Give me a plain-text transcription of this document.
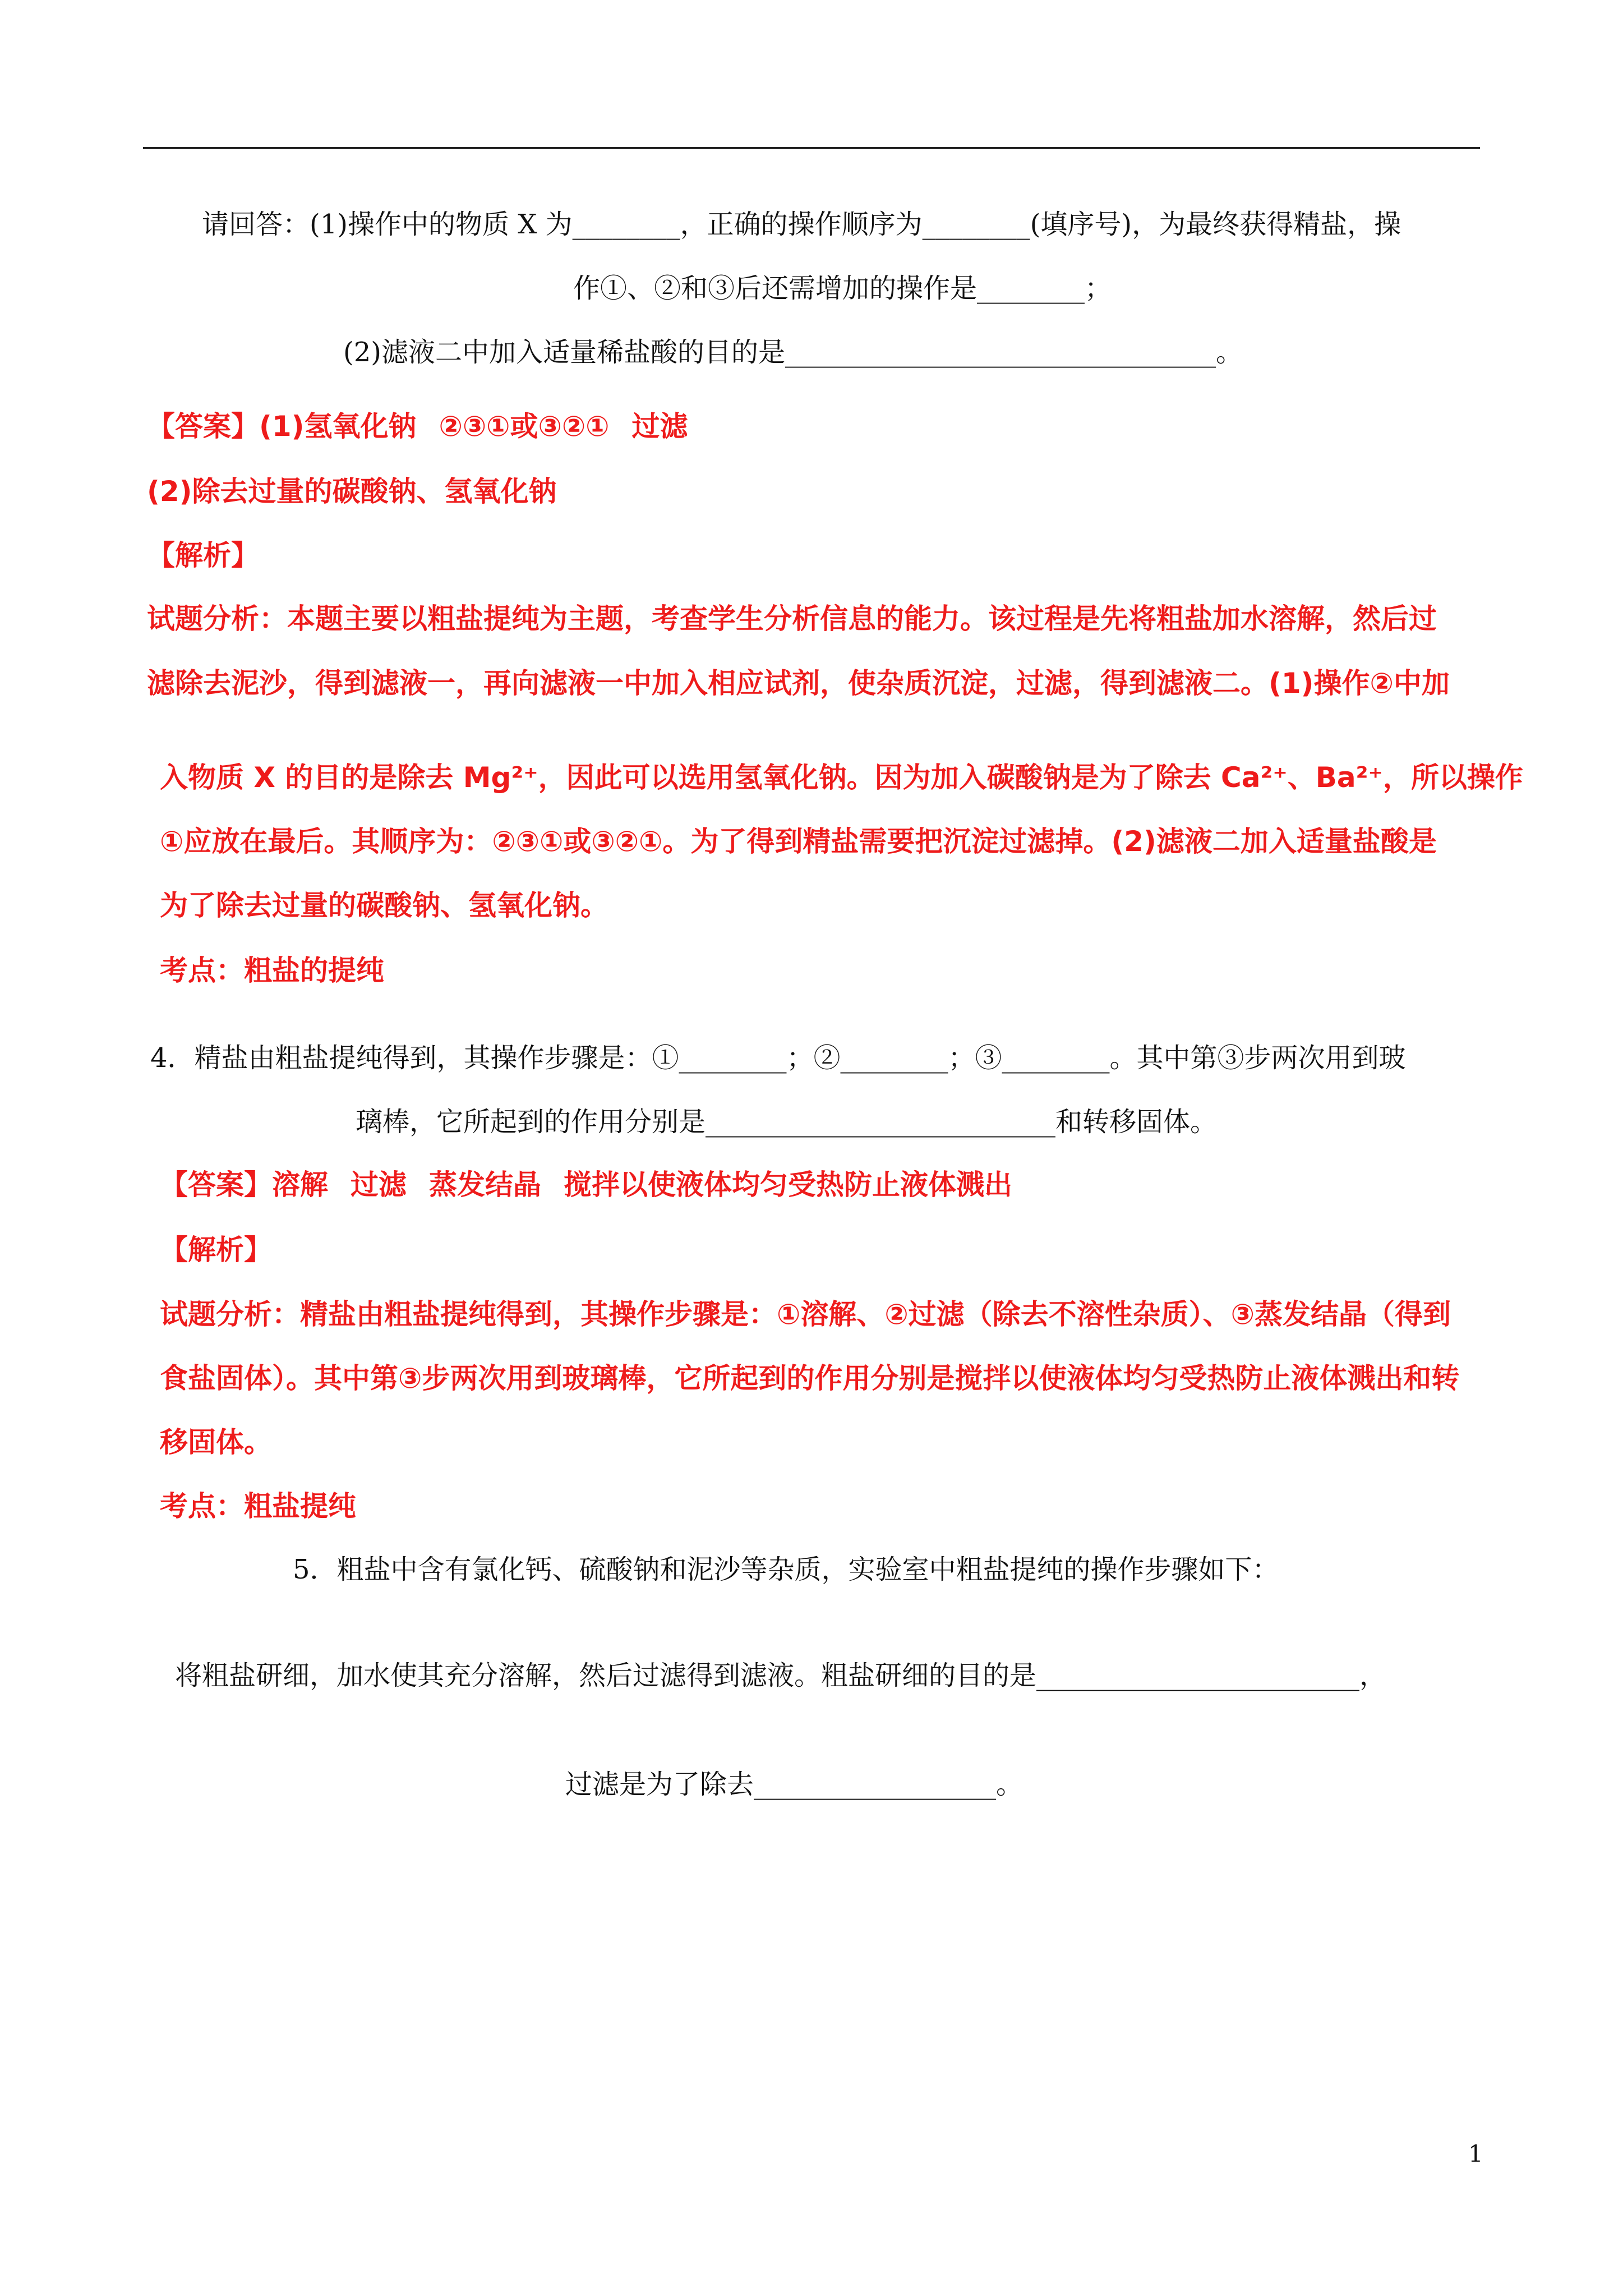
请回答：(1)操作中的物质 X 为________，正确的操作顺序为________(填序号)，为最终获得精盐，操
作①、②和③后还需增加的操作是________；
(2)滤液二中加入适量稀盐酸的目的是________________________________。
【答案】(1)氢氧化钠 ②③①或③②① 过滤
(2)除去过量的碳酸钠、氢氧化钠
【解析】
试题分析：本题主要以粗盐提纯为主题，考查学生分析信息的能力。该过程是先将粗盐加水溶解，然后过
滤除去泥沙，得到滤液一，再向滤液一中加入相应试剂，使杂质沉淀，过滤，得到滤液二。(1)操作②中加
入物质 X 的目的是除去 Mg²⁺，因此可以选用氢氧化钠。因为加入碳酸钠是为了除去 Ca²⁺、Ba²⁺，所以操作
①应放在最后。其顺序为：②③①或③②①。为了得到精盐需要把沉淀过滤掉。(2)滤液二加入适量盐酸是
为了除去过量的碳酸钠、氢氧化钠。
考点：粗盐的提纯
4．精盐由粗盐提纯得到，其操作步骤是：①________；②________；③________。其中第③步两次用到玻
璃棒，它所起到的作用分别是__________________________和转移固体。
【答案】溶解 过滤 蒸发结晶 搅拌以使液体均匀受热防止液体溅出
【解析】
试题分析：精盐由粗盐提纯得到，其操作步骤是：①溶解、②过滤（除去不溶性杂质）、③蒸发结晶（得到
食盐固体）。其中第③步两次用到玻璃棒，它所起到的作用分别是搅拌以使液体均匀受热防止液体溅出和转
移固体。
考点：粗盐提纯
5．粗盐中含有氯化钙、硫酸钠和泥沙等杂质，实验室中粗盐提纯的操作步骤如下：
将粗盐研细，加水使其充分溶解，然后过滤得到滤液。粗盐研细的目的是________________________，
过滤是为了除去__________________。
1
